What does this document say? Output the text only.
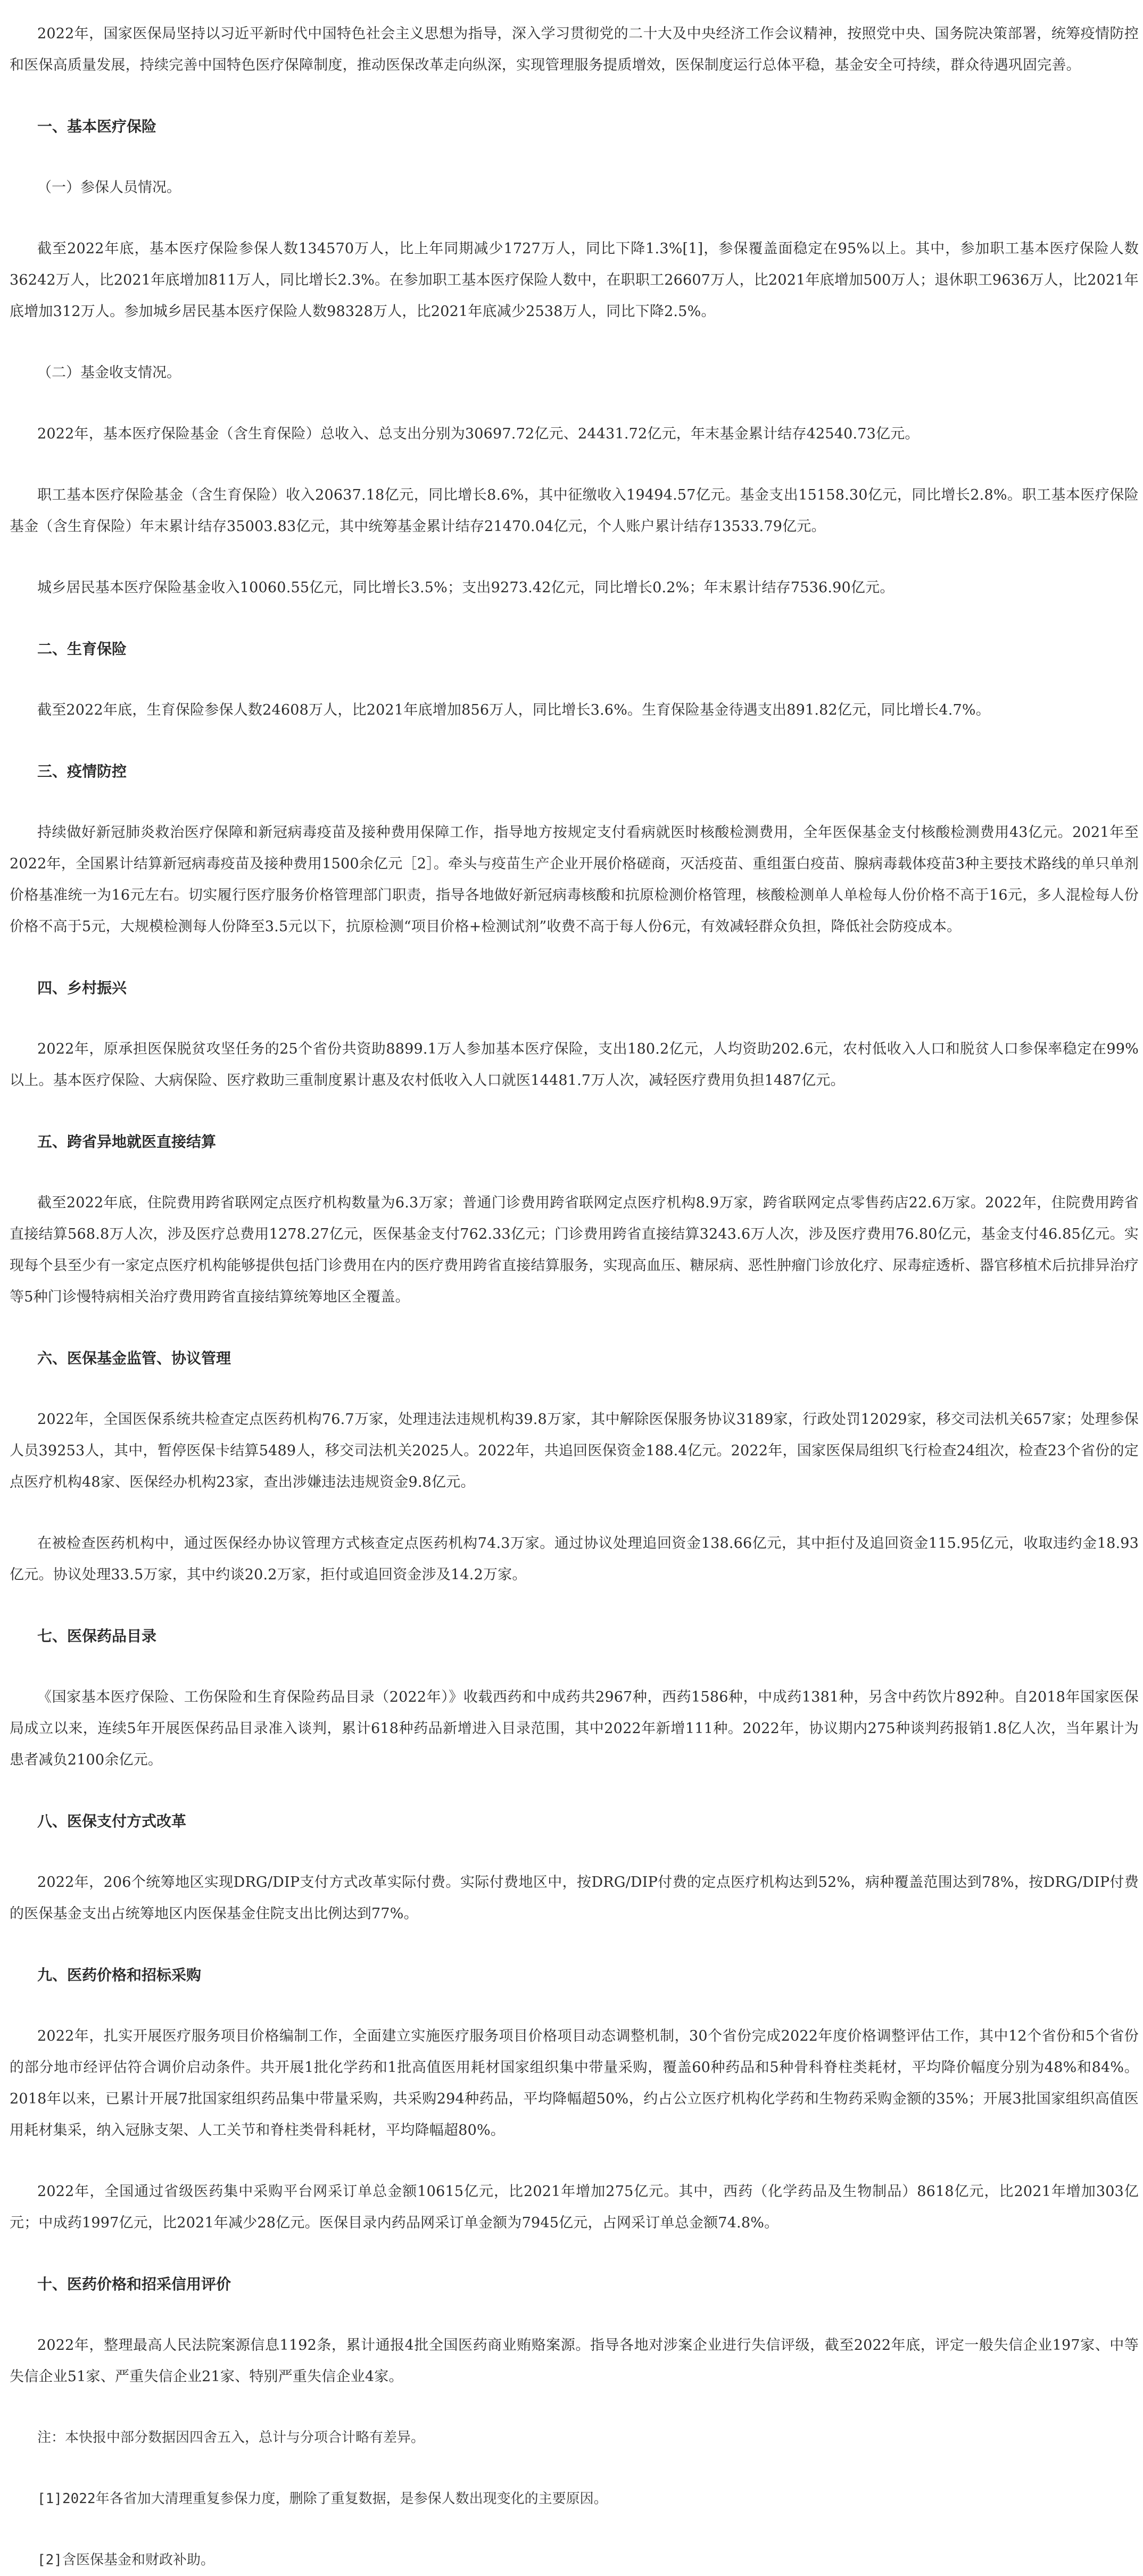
2022年，国家医保局坚持以习近平新时代中国特色社会主义思想为指导，深入学习贯彻党的二十大及中央经济工作会议精神，按照党中央、国务院决策部署，统筹疫情防控和医保高质量发展，持续完善中国特色医疗保障制度，推动医保改革走向纵深，实现管理服务提质增效，医保制度运行总体平稳，基金安全可持续，群众待遇巩固完善。

一、基本医疗保险

（一）参保人员情况。

截至2022年底，基本医疗保险参保人数134570万人，比上年同期减少1727万人，同比下降1.3%[1]，参保覆盖面稳定在95%以上。其中，参加职工基本医疗保险人数36242万人，比2021年底增加811万人，同比增长2.3%。在参加职工基本医疗保险人数中，在职职工26607万人，比2021年底增加500万人；退休职工9636万人，比2021年底增加312万人。参加城乡居民基本医疗保险人数98328万人，比2021年底减少2538万人，同比下降2.5%。

（二）基金收支情况。

2022年，基本医疗保险基金（含生育保险）总收入、总支出分别为30697.72亿元、24431.72亿元，年末基金累计结存42540.73亿元。

职工基本医疗保险基金（含生育保险）收入20637.18亿元，同比增长8.6%，其中征缴收入19494.57亿元。基金支出15158.30亿元，同比增长2.8%。职工基本医疗保险基金（含生育保险）年末累计结存35003.83亿元，其中统筹基金累计结存21470.04亿元，个人账户累计结存13533.79亿元。

城乡居民基本医疗保险基金收入10060.55亿元，同比增长3.5%；支出9273.42亿元，同比增长0.2%；年末累计结存7536.90亿元。

二、生育保险

截至2022年底，生育保险参保人数24608万人，比2021年底增加856万人，同比增长3.6%。生育保险基金待遇支出891.82亿元，同比增长4.7%。

三、疫情防控

持续做好新冠肺炎救治医疗保障和新冠病毒疫苗及接种费用保障工作，指导地方按规定支付看病就医时核酸检测费用，全年医保基金支付核酸检测费用43亿元。2021年至2022年，全国累计结算新冠病毒疫苗及接种费用1500余亿元［2］。牵头与疫苗生产企业开展价格磋商，灭活疫苗、重组蛋白疫苗、腺病毒载体疫苗3种主要技术路线的单只单剂价格基准统一为16元左右。切实履行医疗服务价格管理部门职责，指导各地做好新冠病毒核酸和抗原检测价格管理，核酸检测单人单检每人份价格不高于16元，多人混检每人份价格不高于5元，大规模检测每人份降至3.5元以下，抗原检测“项目价格+检测试剂”收费不高于每人份6元，有效减轻群众负担，降低社会防疫成本。

四、乡村振兴

2022年，原承担医保脱贫攻坚任务的25个省份共资助8899.1万人参加基本医疗保险，支出180.2亿元，人均资助202.6元，农村低收入人口和脱贫人口参保率稳定在99%以上。基本医疗保险、大病保险、医疗救助三重制度累计惠及农村低收入人口就医14481.7万人次，减轻医疗费用负担1487亿元。

五、跨省异地就医直接结算

截至2022年底，住院费用跨省联网定点医疗机构数量为6.3万家；普通门诊费用跨省联网定点医疗机构8.9万家，跨省联网定点零售药店22.6万家。2022年，住院费用跨省直接结算568.8万人次，涉及医疗总费用1278.27亿元，医保基金支付762.33亿元；门诊费用跨省直接结算3243.6万人次，涉及医疗费用76.80亿元，基金支付46.85亿元。实现每个县至少有一家定点医疗机构能够提供包括门诊费用在内的医疗费用跨省直接结算服务，实现高血压、糖尿病、恶性肿瘤门诊放化疗、尿毒症透析、器官移植术后抗排异治疗等5种门诊慢特病相关治疗费用跨省直接结算统筹地区全覆盖。

六、医保基金监管、协议管理

2022年，全国医保系统共检查定点医药机构76.7万家，处理违法违规机构39.8万家，其中解除医保服务协议3189家，行政处罚12029家，移交司法机关657家；处理参保人员39253人，其中，暂停医保卡结算5489人，移交司法机关2025人。2022年，共追回医保资金188.4亿元。2022年，国家医保局组织飞行检查24组次，检查23个省份的定点医疗机构48家、医保经办机构23家，查出涉嫌违法违规资金9.8亿元。

在被检查医药机构中，通过医保经办协议管理方式核查定点医药机构74.3万家。通过协议处理追回资金138.66亿元，其中拒付及追回资金115.95亿元，收取违约金18.93亿元。协议处理33.5万家，其中约谈20.2万家，拒付或追回资金涉及14.2万家。

七、医保药品目录

《国家基本医疗保险、工伤保险和生育保险药品目录（2022年）》收载西药和中成药共2967种，西药1586种，中成药1381种，另含中药饮片892种。自2018年国家医保局成立以来，连续5年开展医保药品目录准入谈判，累计618种药品新增进入目录范围，其中2022年新增111种。2022年，协议期内275种谈判药报销1.8亿人次，当年累计为患者减负2100余亿元。

八、医保支付方式改革

2022年，206个统筹地区实现DRG/DIP支付方式改革实际付费。实际付费地区中，按DRG/DIP付费的定点医疗机构达到52%，病种覆盖范围达到78%，按DRG/DIP付费的医保基金支出占统筹地区内医保基金住院支出比例达到77%。

九、医药价格和招标采购

2022年，扎实开展医疗服务项目价格编制工作，全面建立实施医疗服务项目价格项目动态调整机制，30个省份完成2022年度价格调整评估工作，其中12个省份和5个省份的部分地市经评估符合调价启动条件。共开展1批化学药和1批高值医用耗材国家组织集中带量采购，覆盖60种药品和5种骨科脊柱类耗材，平均降价幅度分别为48%和84%。2018年以来，已累计开展7批国家组织药品集中带量采购，共采购294种药品，平均降幅超50%，约占公立医疗机构化学药和生物药采购金额的35%；开展3批国家组织高值医用耗材集采，纳入冠脉支架、人工关节和脊柱类骨科耗材，平均降幅超80%。

2022年，全国通过省级医药集中采购平台网采订单总金额10615亿元，比2021年增加275亿元。其中，西药（化学药品及生物制品）8618亿元，比2021年增加303亿元；中成药1997亿元，比2021年减少28亿元。医保目录内药品网采订单金额为7945亿元，占网采订单总金额74.8%。

十、医药价格和招采信用评价

2022年，整理最高人民法院案源信息1192条，累计通报4批全国医药商业贿赂案源。指导各地对涉案企业进行失信评级，截至2022年底，评定一般失信企业197家、中等失信企业51家、严重失信企业21家、特别严重失信企业4家。

注：本快报中部分数据因四舍五入，总计与分项合计略有差异。

[1]2022年各省加大清理重复参保力度，删除了重复数据，是参保人数出现变化的主要原因。

[2]含医保基金和财政补助。
